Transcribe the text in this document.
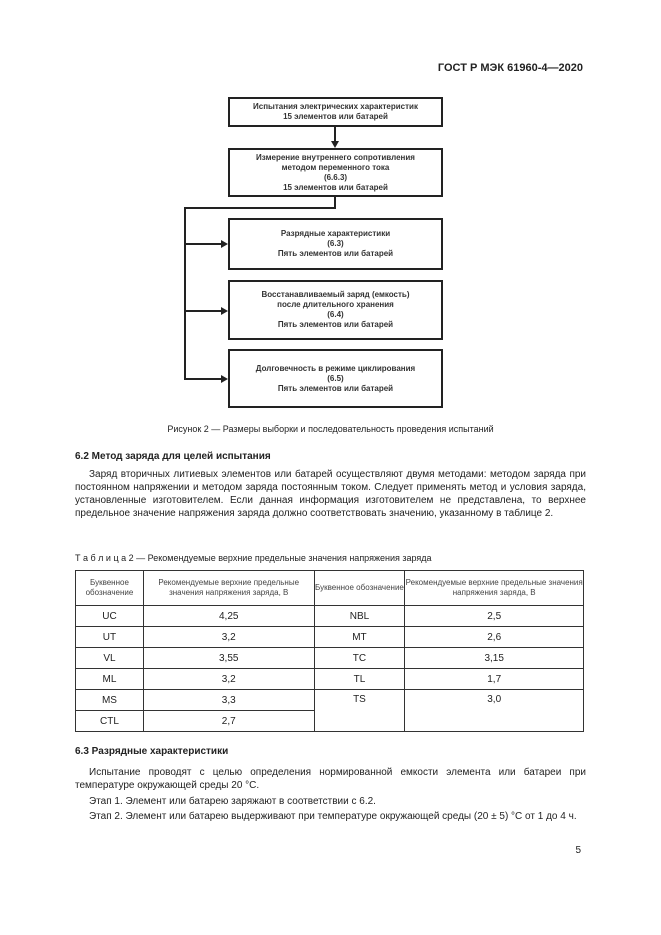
ГОСТ Р МЭК 61960-4—2020
Испытания электрических характеристик
15 элементов или батарей
Измерение внутреннего сопротивления
методом переменного тока
(6.6.3)
15 элементов или батарей
Разрядные характеристики
(6.3)
Пять элементов или батарей
Восстанавливаемый заряд (емкость)
после длительного хранения
(6.4)
Пять элементов или батарей
Долговечность в режиме циклирования
(6.5)
Пять элементов или батарей
Рисунок 2 — Размеры выборки и последовательность проведения испытаний
6.2 Метод заряда для целей испытания
Заряд вторичных литиевых элементов или батарей осуществляют двумя методами: методом заряда при постоянном напряжении и методом заряда постоянным током. Следует применять метод и условия заряда, установленные изготовителем. Если данная информация изготовителем не представлена, то верхнее предельное значение напряжения заряда должно соответствовать значению, указанному в таблице 2.
Т а б л и ц а 2 — Рекомендуемые верхние предельные значения напряжения заряда
Буквенное обозначение	Рекомендуемые верхние предельные значения напряжения заряда, В	Буквенное обозначение	Рекомендуемые верхние предельные значения напряжения заряда, В
UC	4,25	NBL	2,5
UT	3,2	MT	2,6
VL	3,55	TC	3,15
ML	3,2	TL	1,7
MS	3,3	TS	3,0
CTL	2,7		
6.3 Разрядные характеристики
Испытание проводят с целью определения нормированной емкости элемента или батареи при температуре окружающей среды 20 °C.
Этап 1. Элемент или батарею заряжают в соответствии с 6.2.
Этап 2. Элемент или батарею выдерживают при температуре окружающей среды (20 ± 5) °C от 1 до 4 ч.
5
